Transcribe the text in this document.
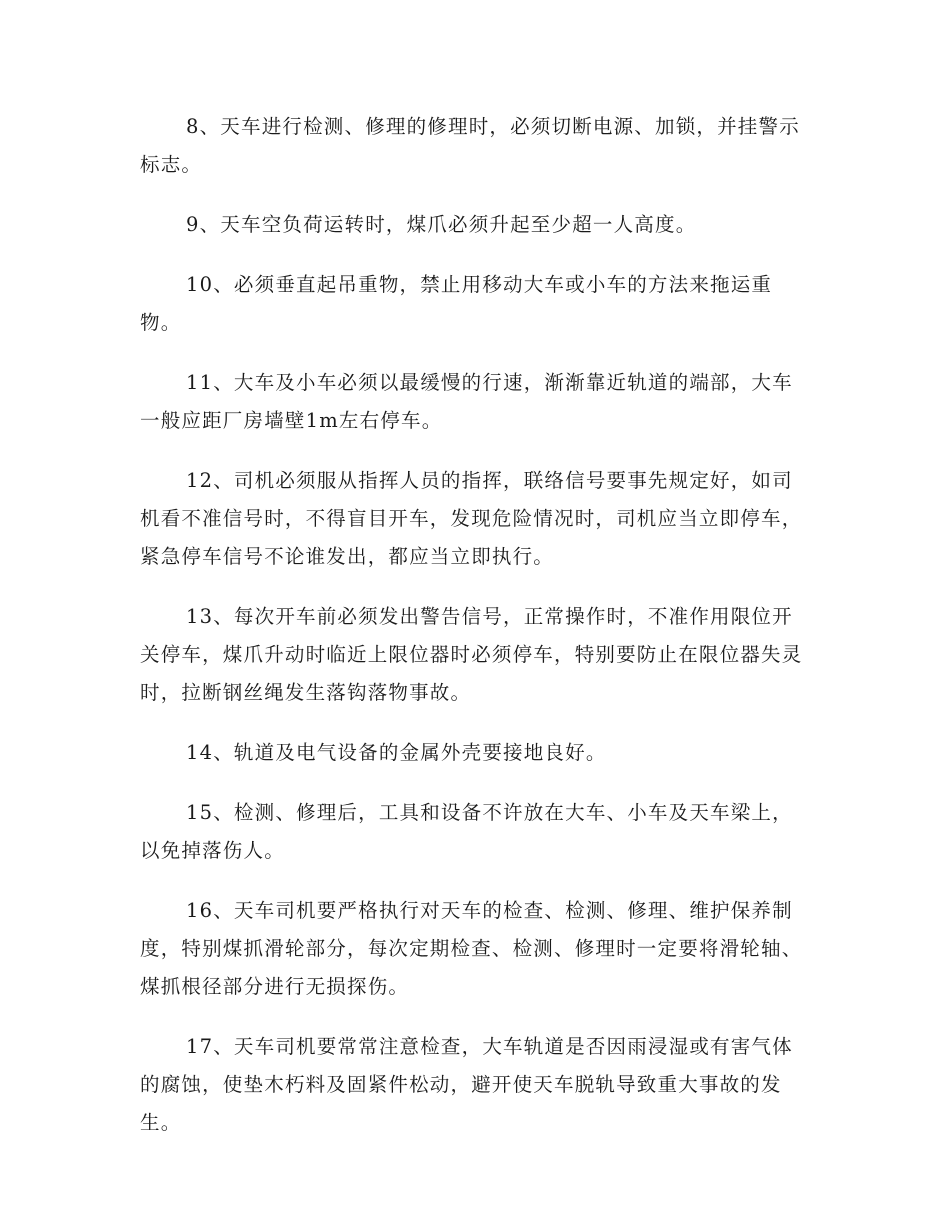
8、天车进行检测、修理的修理时，必须切断电源、加锁，并挂警示标志。

9、天车空负荷运转时，煤爪必须升起至少超一人高度。

10、必须垂直起吊重物，禁止用移动大车或小车的方法来拖运重物。

11、大车及小车必须以最缓慢的行速，渐渐靠近轨道的端部，大车一般应距厂房墙壁1m左右停车。

12、司机必须服从指挥人员的指挥，联络信号要事先规定好，如司机看不准信号时，不得盲目开车，发现危险情况时，司机应当立即停车，紧急停车信号不论谁发出，都应当立即执行。

13、每次开车前必须发出警告信号，正常操作时，不准作用限位开关停车，煤爪升动时临近上限位器时必须停车，特别要防止在限位器失灵时，拉断钢丝绳发生落钩落物事故。

14、轨道及电气设备的金属外壳要接地良好。

15、检测、修理后，工具和设备不许放在大车、小车及天车梁上，以免掉落伤人。

16、天车司机要严格执行对天车的检查、检测、修理、维护保养制度，特别煤抓滑轮部分，每次定期检查、检测、修理时一定要将滑轮轴、煤抓根径部分进行无损探伤。

17、天车司机要常常注意检查，大车轨道是否因雨浸湿或有害气体的腐蚀，使垫木朽料及固紧件松动，避开使天车脱轨导致重大事故的发生。
